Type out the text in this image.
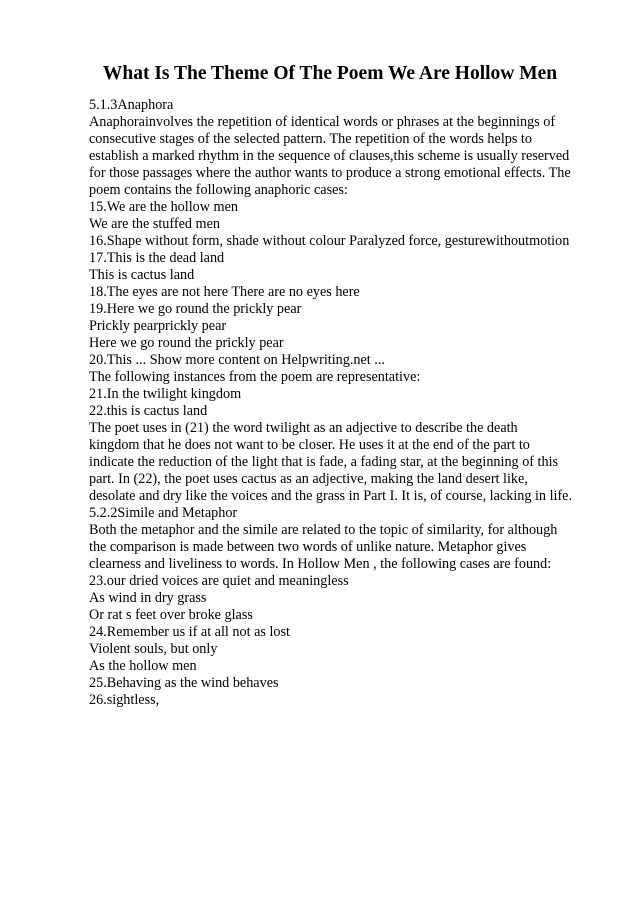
What Is The Theme Of The Poem We Are Hollow Men
5.1.3Anaphora
Anaphorainvolves the repetition of identical words or phrases at the beginnings of
consecutive stages of the selected pattern. The repetition of the words helps to
establish a marked rhythm in the sequence of clauses,this scheme is usually reserved
for those passages where the author wants to produce a strong emotional effects. The
poem contains the following anaphoric cases:
15.We are the hollow men
We are the stuffed men
16.Shape without form, shade without colour Paralyzed force, gesturewithoutmotion
17.This is the dead land
This is cactus land
18.The eyes are not here There are no eyes here
19.Here we go round the prickly pear
Prickly pearprickly pear
Here we go round the prickly pear
20.This ... Show more content on Helpwriting.net ...
The following instances from the poem are representative:
21.In the twilight kingdom
22.this is cactus land
The poet uses in (21) the word twilight as an adjective to describe the death
kingdom that he does not want to be closer. He uses it at the end of the part to
indicate the reduction of the light that is fade, a fading star, at the beginning of this
part. In (22), the poet uses cactus as an adjective, making the land desert like,
desolate and dry like the voices and the grass in Part I. It is, of course, lacking in life.
5.2.2Simile and Metaphor
Both the metaphor and the simile are related to the topic of similarity, for although
the comparison is made between two words of unlike nature. Metaphor gives
clearness and liveliness to words. In Hollow Men , the following cases are found:
23.our dried voices are quiet and meaningless
As wind in dry grass
Or rat s feet over broke glass
24.Remember us if at all not as lost
Violent souls, but only
As the hollow men
25.Behaving as the wind behaves
26.sightless,
